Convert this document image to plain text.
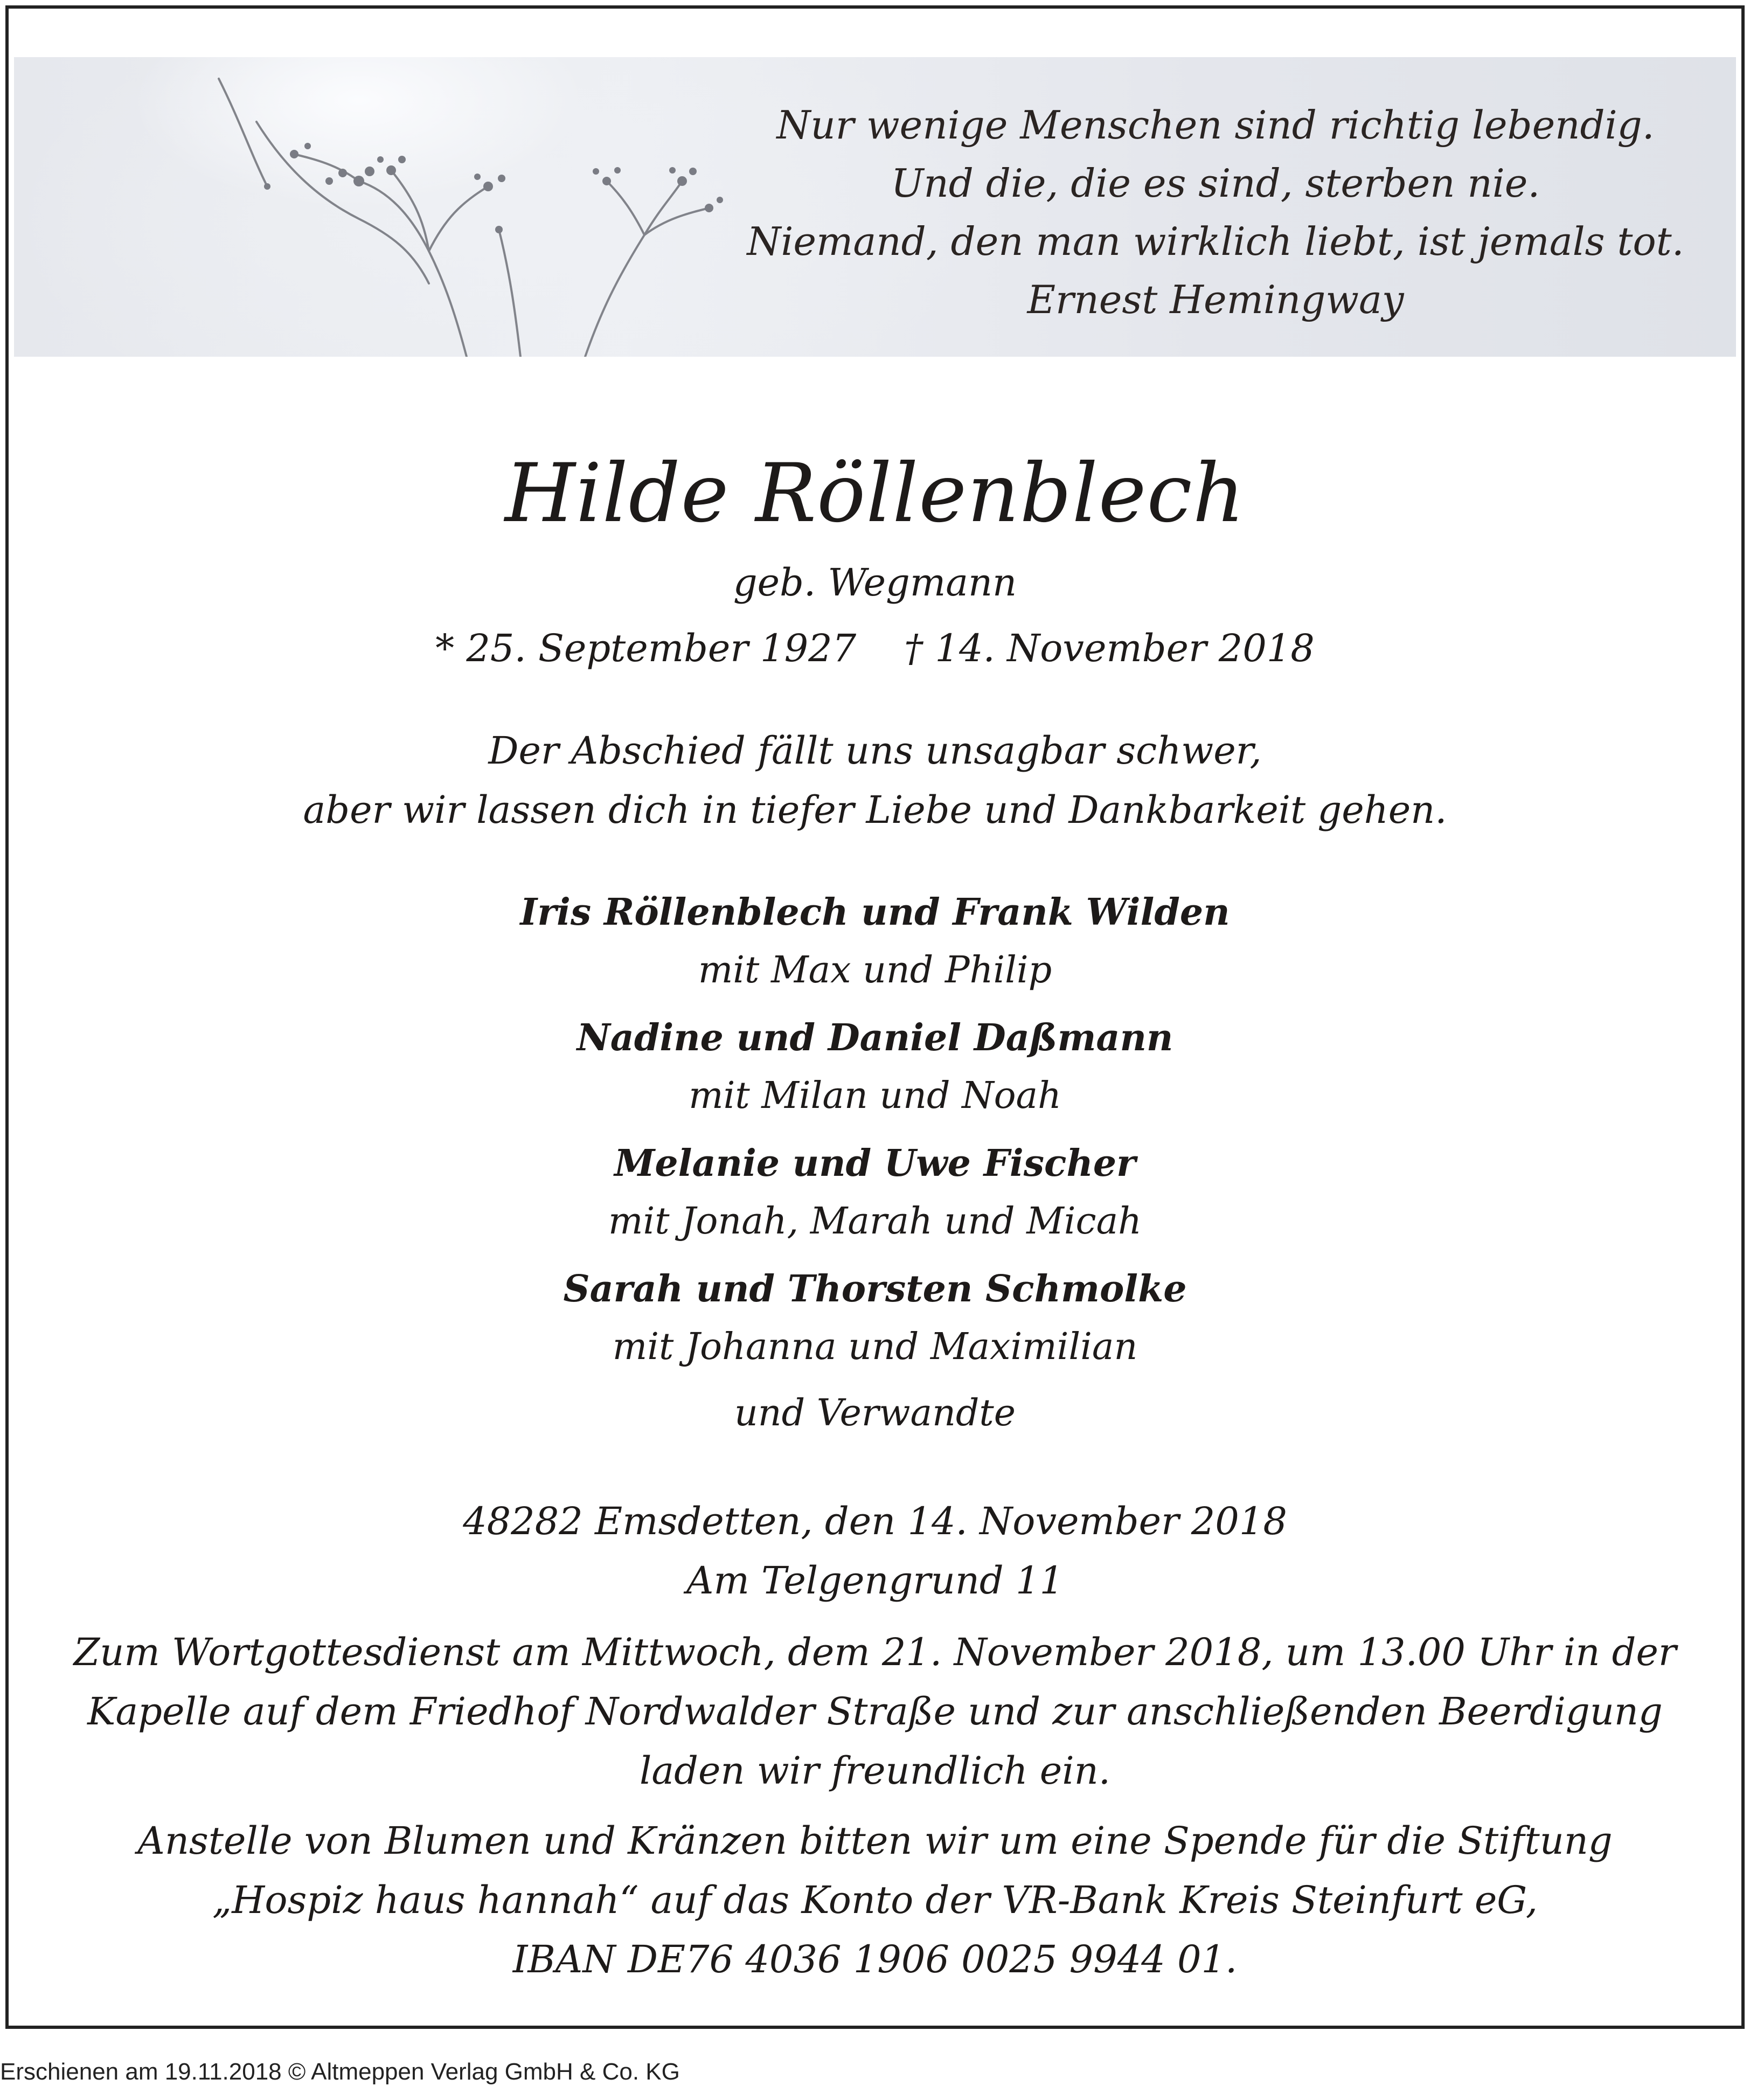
Nur wenige Menschen sind richtig lebendig.
Und die, die es sind, sterben nie.
Niemand, den man wirklich liebt, ist jemals tot.
Ernest Hemingway
Hilde Röllenblech
geb. Wegmann
* 25. September 1927    † 14. November 2018
Der Abschied fällt uns unsagbar schwer,
aber wir lassen dich in tiefer Liebe und Dankbarkeit gehen.
Iris Röllenblech und Frank Wilden
mit Max und Philip
Nadine und Daniel Daßmann
mit Milan und Noah
Melanie und Uwe Fischer
mit Jonah, Marah und Micah
Sarah und Thorsten Schmolke
mit Johanna und Maximilian
und Verwandte
48282 Emsdetten, den 14. November 2018
Am Telgengrund 11
Zum Wortgottesdienst am Mittwoch, dem 21. November 2018, um 13.00 Uhr in der
Kapelle auf dem Friedhof Nordwalder Straße und zur anschließenden Beerdigung
laden wir freundlich ein.
Anstelle von Blumen und Kränzen bitten wir um eine Spende für die Stiftung
„Hospiz haus hannah“ auf das Konto der VR-Bank Kreis Steinfurt eG,
IBAN DE76 4036 1906 0025 9944 01.
Erschienen am 19.11.2018 © Altmeppen Verlag GmbH & Co. KG
